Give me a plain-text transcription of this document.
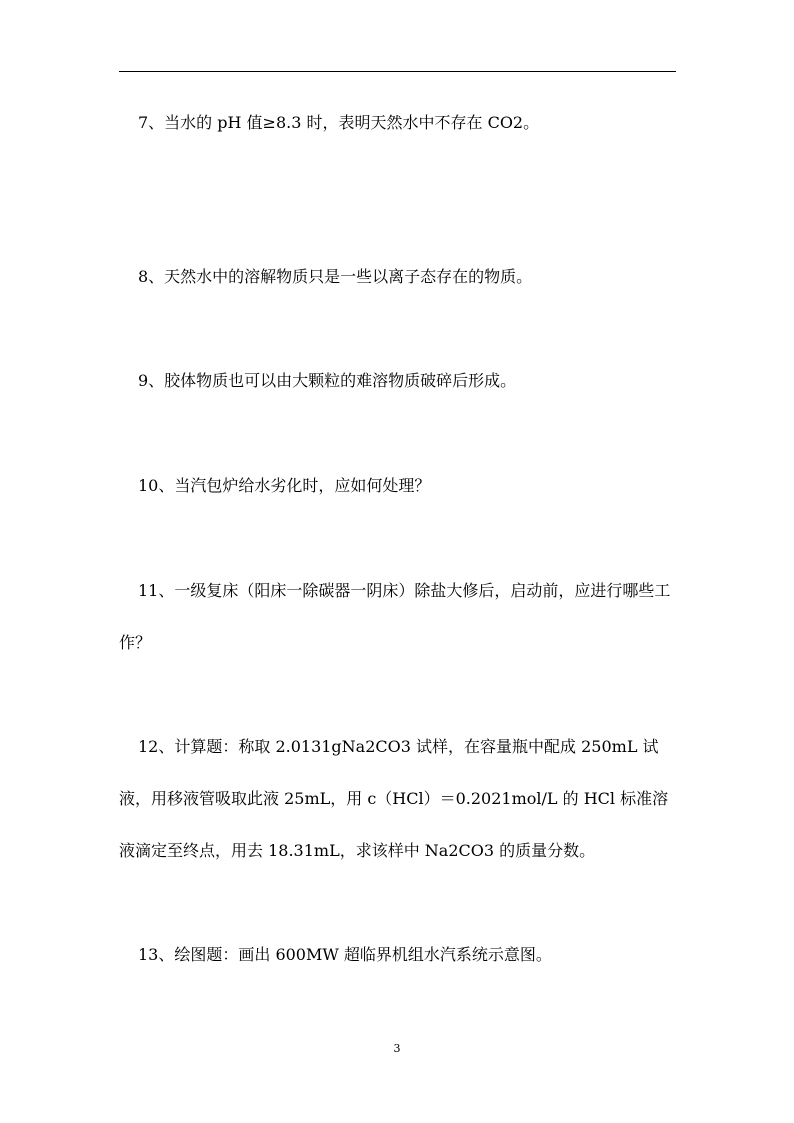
7、当水的 pH 值≥8.3 时，表明天然水中不存在 CO2。

8、天然水中的溶解物质只是一些以离子态存在的物质。

9、胶体物质也可以由大颗粒的难溶物质破碎后形成。

10、当汽包炉给水劣化时，应如何处理？

11、一级复床（阳床一除碳器一阴床）除盐大修后，启动前，应进行哪些工作？

12、计算题：称取 2.0131gNa2CO3 试样，在容量瓶中配成 250mL 试液，用移液管吸取此液 25mL，用 c（HCl）＝0.2021mol/L 的 HCl 标准溶液滴定至终点，用去 18.31mL，求该样中 Na2CO3 的质量分数。

13、绘图题：画出 600MW 超临界机组水汽系统示意图。

3
